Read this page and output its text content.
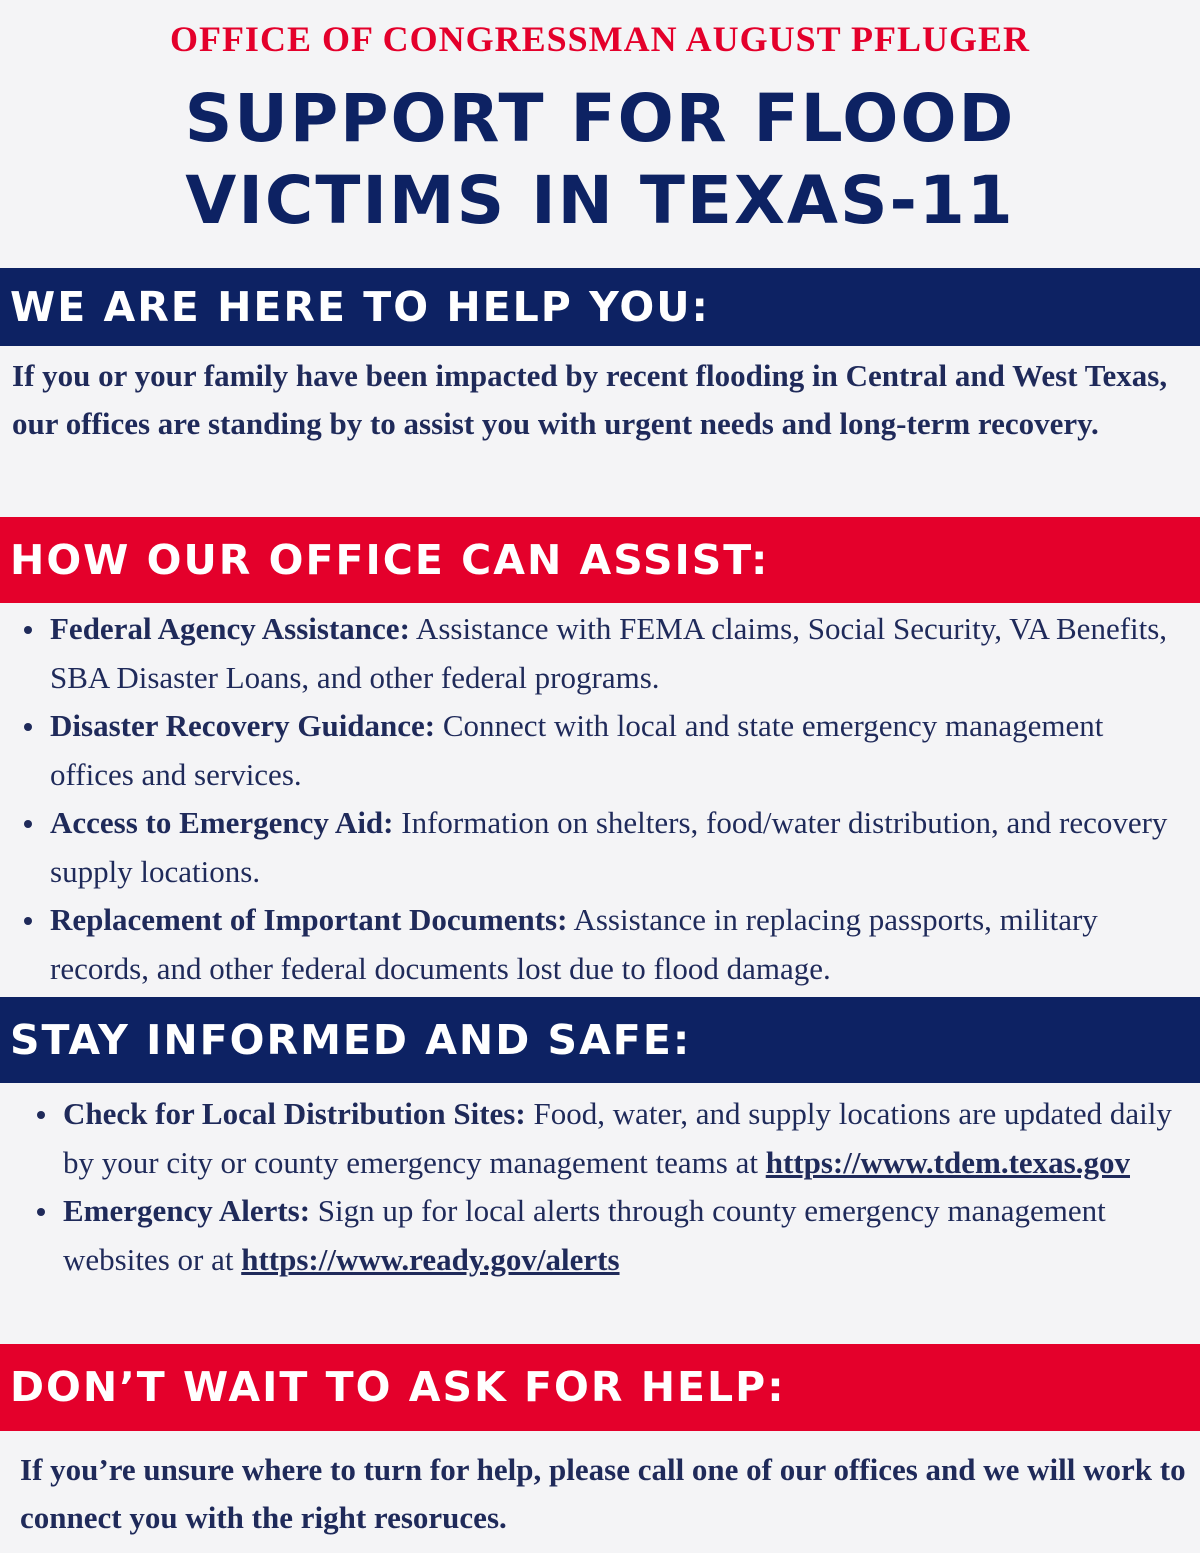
OFFICE OF CONGRESSMAN AUGUST PFLUGER
SUPPORT FOR FLOOD
VICTIMS IN TEXAS-11
WE ARE HERE TO HELP YOU:
If you or your family have been impacted by recent flooding in Central and West Texas, our offices are standing by to assist you with urgent needs and long-term recovery.
HOW OUR OFFICE CAN ASSIST:
Federal Agency Assistance: Assistance with FEMA claims, Social Security, VA Benefits, SBA Disaster Loans, and other federal programs.
Disaster Recovery Guidance: Connect with local and state emergency management offices and services.
Access to Emergency Aid: Information on shelters, food/water distribution, and recovery supply locations.
Replacement of Important Documents: Assistance in replacing passports, military records, and other federal documents lost due to flood damage.
STAY INFORMED AND SAFE:
Check for Local Distribution Sites: Food, water, and supply locations are updated daily by your city or county emergency management teams at https://www.tdem.texas.gov
Emergency Alerts: Sign up for local alerts through county emergency management websites or at https://www.ready.gov/alerts
DON’T WAIT TO ASK FOR HELP:
If you’re unsure where to turn for help, please call one of our offices and we will work to connect you with the right resoruces.
